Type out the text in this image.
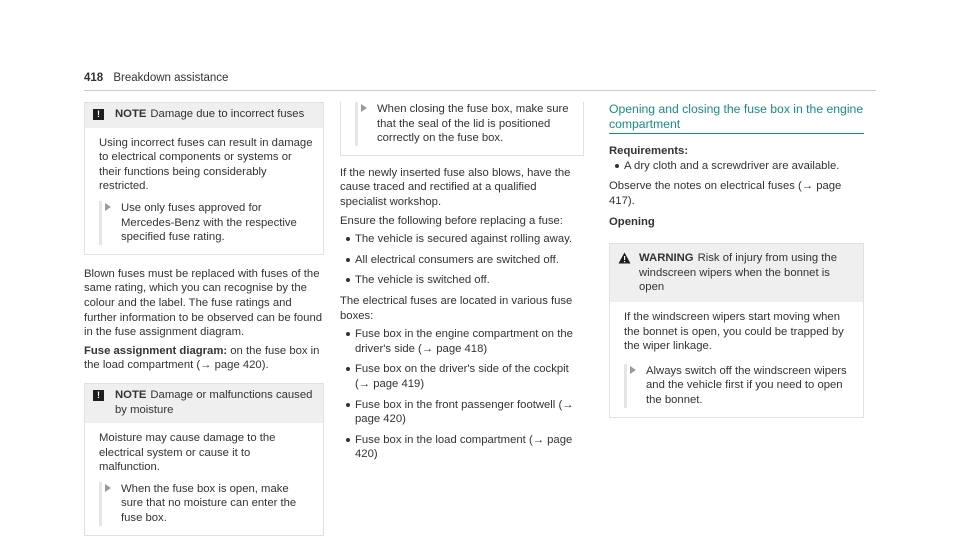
418 Breakdown assistance
!	NOTE Damage due to incorrect fuses

Using incorrect fuses can result in damage to electrical components or systems or their functions being considerably restricted.

Use only fuses approved for Mercedes-Benz with the respective specified fuse rating.

Blown fuses must be replaced with fuses of the same rating, which you can recognise by the colour and the label. The fuse ratings and further information to be observed can be found in the fuse assignment diagram.

Fuse assignment diagram: on the fuse box in the load compartment (→ page 420).

!	NOTE Damage or malfunctions caused by moisture

Moisture may cause damage to the electrical system or cause it to malfunction.

When the fuse box is open, make sure that no moisture can enter the fuse box.

When closing the fuse box, make sure that the seal of the lid is positioned correctly on the fuse box.

If the newly inserted fuse also blows, have the cause traced and rectified at a qualified specialist workshop.

Ensure the following before replacing a fuse:

The vehicle is secured against rolling away.
All electrical consumers are switched off.
The vehicle is switched off.

The electrical fuses are located in various fuse boxes:

Fuse box in the engine compartment on the driver's side (→ page 418)
Fuse box on the driver's side of the cockpit (→ page 419)
Fuse box in the front passenger footwell (→ page 420)
Fuse box in the load compartment (→ page 420)
Opening and closing the fuse box in the engine compartment

Requirements:

A dry cloth and a screwdriver are available.

Observe the notes on electrical fuses (→ page 417).

Opening

WARNING Risk of injury from using the windscreen wipers when the bonnet is open

If the windscreen wipers start moving when the bonnet is open, you could be trapped by the wiper linkage.

Always switch off the windscreen wipers and the vehicle first if you need to open the bonnet.
